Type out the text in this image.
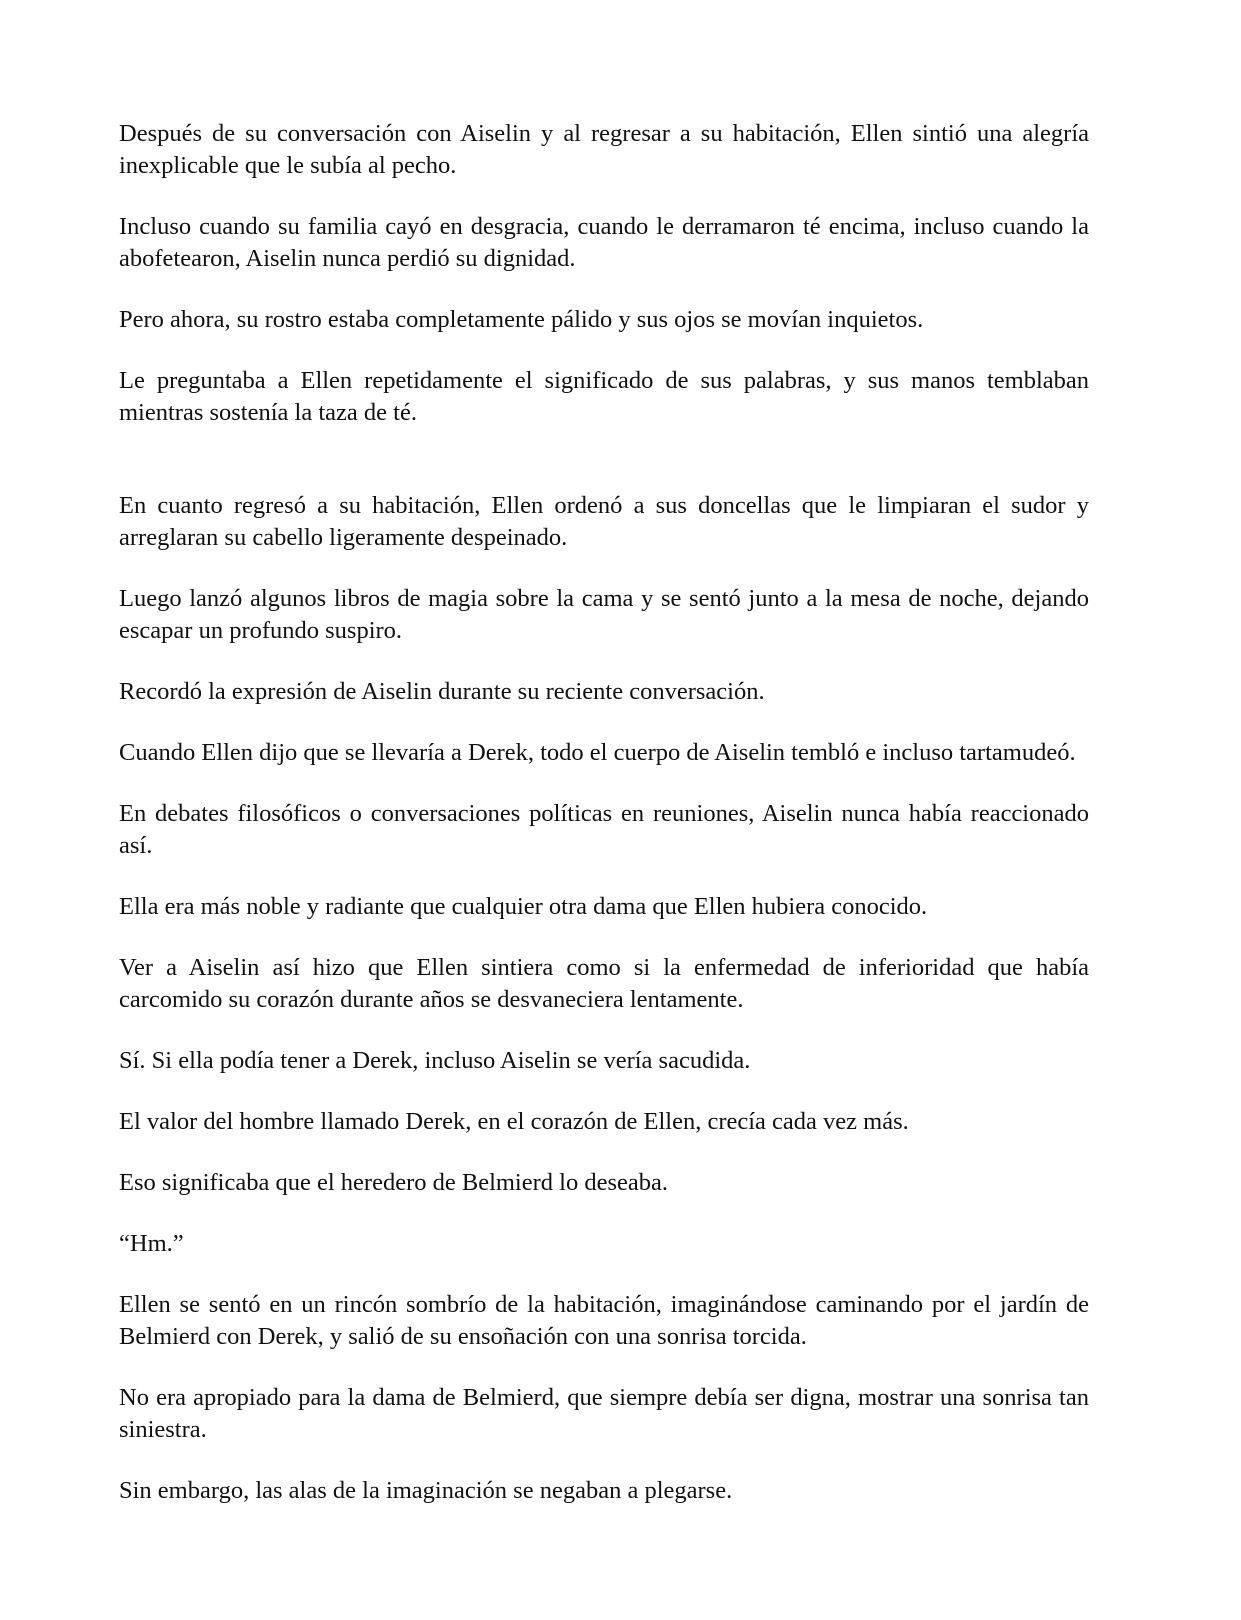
Después de su conversación con Aiselin y al regresar a su habitación, Ellen sintió una alegría inexplicable que le subía al pecho.

Incluso cuando su familia cayó en desgracia, cuando le derramaron té encima, incluso cuando la abofetearon, Aiselin nunca perdió su dignidad.

Pero ahora, su rostro estaba completamente pálido y sus ojos se movían inquietos.

Le preguntaba a Ellen repetidamente el significado de sus palabras, y sus manos temblaban mientras sostenía la taza de té.

En cuanto regresó a su habitación, Ellen ordenó a sus doncellas que le limpiaran el sudor y arreglaran su cabello ligeramente despeinado.

Luego lanzó algunos libros de magia sobre la cama y se sentó junto a la mesa de noche, dejando escapar un profundo suspiro.

Recordó la expresión de Aiselin durante su reciente conversación.

Cuando Ellen dijo que se llevaría a Derek, todo el cuerpo de Aiselin tembló e incluso tartamudeó.

En debates filosóficos o conversaciones políticas en reuniones, Aiselin nunca había reaccionado así.

Ella era más noble y radiante que cualquier otra dama que Ellen hubiera conocido.

Ver a Aiselin así hizo que Ellen sintiera como si la enfermedad de inferioridad que había carcomido su corazón durante años se desvaneciera lentamente.

Sí. Si ella podía tener a Derek, incluso Aiselin se vería sacudida.

El valor del hombre llamado Derek, en el corazón de Ellen, crecía cada vez más.

Eso significaba que el heredero de Belmierd lo deseaba.

“Hm.”

Ellen se sentó en un rincón sombrío de la habitación, imaginándose caminando por el jardín de Belmierd con Derek, y salió de su ensoñación con una sonrisa torcida.

No era apropiado para la dama de Belmierd, que siempre debía ser digna, mostrar una sonrisa tan siniestra.

Sin embargo, las alas de la imaginación se negaban a plegarse.
